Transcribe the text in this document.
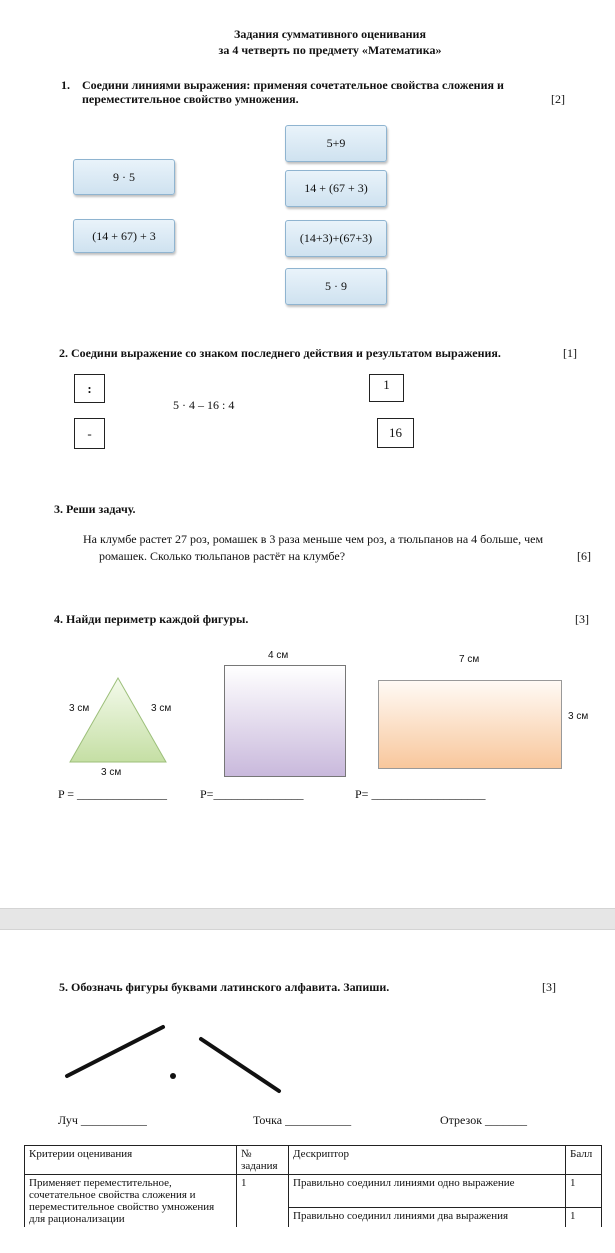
Задания суммативного оценивания
за 4 четверть по предмету «Математика»
1. Соедини линиями выражения: применяя сочетательное свойства сложения и
переместительное свойство умножения.	[2]
9 · 5
(14 + 67) + 3
5+9
14 + (67 + 3)
(14+3)+(67+3)
5 · 9
2. Соедини выражение со знаком последнего действия и результатом выражения.	[1]
:
-
5 · 4 – 16 : 4
1
16
3. Реши задачу.
На клумбе растет 27 роз, ромашек в 3 раза меньше чем роз, а тюльпанов на 4 больше, чем
ромашек. Сколько тюльпанов растёт на клумбе?	[6]
4. Найди периметр каждой фигуры.	[3]
3 см	3 см
3 см
4 см	7 см
3 см
P = _______________	P=_______________	P= ___________________
5. Обозначь фигуры буквами латинского алфавита. Запиши.	[3]
Луч ___________	Точка ___________	Отрезок _______
Критерии оценивания	№ задания	Дескриптор	Балл
Применяет переместительное, сочетательное свойства сложения и переместительное свойство умножения для рационализации	1	Правильно соединил линиями одно выражение	1
		Правильно соединил линиями два выражения	1
